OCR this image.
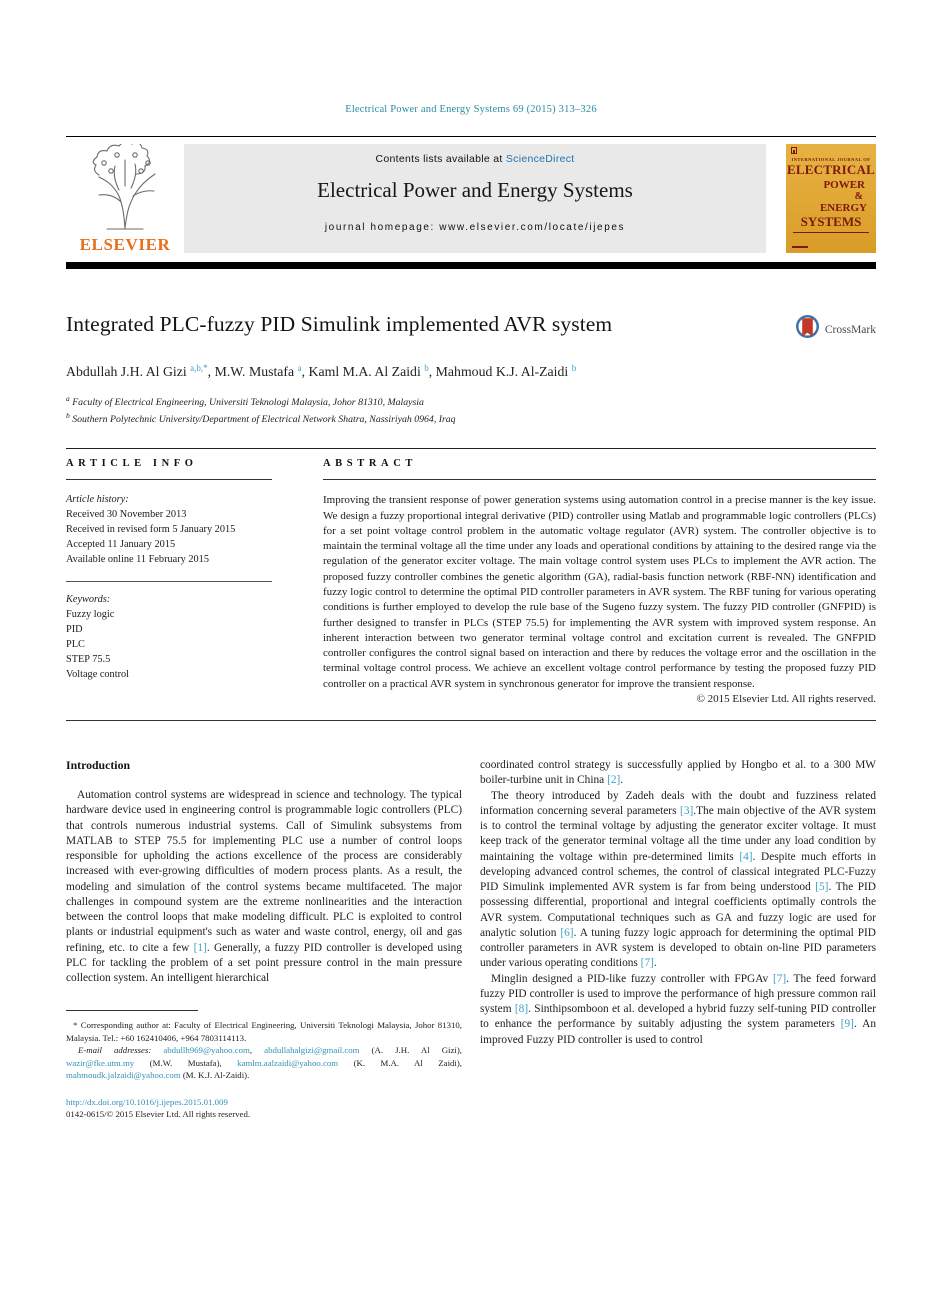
Electrical Power and Energy Systems 69 (2015) 313–326
ELSEVIER
Contents lists available at ScienceDirect
Electrical Power and Energy Systems
journal homepage: www.elsevier.com/locate/ijepes
INTERNATIONAL JOURNAL OF
ELECTRICAL
POWER
&
ENERGY
SYSTEMS
Integrated PLC-fuzzy PID Simulink implemented AVR system	CrossMark
Abdullah J.H. Al Gizi $^{a,b,*}$, M.W. Mustafa $^a$, Kaml M.A. Al Zaidi $^b$, Mahmoud K.J. Al-Zaidi $^b$
$^a$ Faculty of Electrical Engineering, Universiti Teknologi Malaysia, Johor 81310, Malaysia
$^b$ Southern Polytechnic University/Department of Electrical Network Shatra, Nassiriyah 0964, Iraq
ARTICLE INFO
Article history:
Received 30 November 2013
Received in revised form 5 January 2015
Accepted 11 January 2015
Available online 11 February 2015
Keywords:
Fuzzy logic
PID
PLC
STEP 75.5
Voltage control
ABSTRACT
Improving the transient response of power generation systems using automation control in a precise manner is the key issue. We design a fuzzy proportional integral derivative (PID) controller using Matlab and programmable logic controllers (PLCs) for a set point voltage control problem in the automatic voltage regulator (AVR) system. The controller objective is to maintain the terminal voltage all the time under any loads and operational conditions by attaining to the desired range via the regulation of the generator exciter voltage. The main voltage control system uses PLCs to implement the AVR action. The proposed fuzzy controller combines the genetic algorithm (GA), radial-basis function network (RBF-NN) identification and fuzzy logic control to determine the optimal PID controller parameters in AVR system. The RBF tuning for various operating conditions is further employed to develop the rule base of the Sugeno fuzzy system. The fuzzy PID controller (GNFPID) is further designed to transfer in PLCs (STEP 75.5) for implementing the AVR system with improved system response. An inherent interaction between two generator terminal voltage control and excitation current is revealed. The GNFPID controller configures the control signal based on interaction and there by reduces the voltage error and the oscillation in the terminal voltage control process. We achieve an excellent voltage control performance by testing the proposed fuzzy PID controller on a practical AVR system in synchronous generator for improve the transient response.
© 2015 Elsevier Ltd. All rights reserved.
Introduction

Automation control systems are widespread in science and technology. The typical hardware device used in engineering control is programmable logic controllers (PLC) that controls numerous industrial systems. Call of Simulink subsystems from MATLAB to STEP 75.5 for implementing PLC use a number of control loops responsible for upholding the actions excellence of the process are considerably increased with ever-growing difficulties of modern process plants. As a result, the modeling and simulation of the control systems became multifaceted. The major challenges in compound system are the extreme nonlinearities and the interaction between the control loops that make modeling difficult. PLC is exploited to control plants or industrial equipment's such as water and waste control, energy, oil and gas refining, etc. to cite a few [1]. Generally, a fuzzy PID controller is developed using PLC for tackling the problem of a set point pressure control in the main pressure collection system. An intelligent hierarchical

* Corresponding author at: Faculty of Electrical Engineering, Universiti Teknologi Malaysia, Johor 81310, Malaysia. Tel.: +60 162410406, +964 7803114113.

E-mail addresses: abdullh969@yahoo.com, abdullahalgizi@gmail.com (A. J.H. Al Gizi), wazir@fke.utm.my (M.W. Mustafa), kamlm.aalzaidi@yahoo.com (K. M.A. Al Zaidi), mahmoudk.jalzaidi@yahoo.com (M. K.J. Al-Zaidi).

http://dx.doi.org/10.1016/j.ijepes.2015.01.009

0142-0615/© 2015 Elsevier Ltd. All rights reserved.

coordinated control strategy is successfully applied by Hongbo et al. to a 300 MW boiler-turbine unit in China [2].

The theory introduced by Zadeh deals with the doubt and fuzziness related information concerning several parameters [3].The main objective of the AVR system is to control the terminal voltage by adjusting the generator exciter voltage. It must keep track of the generator terminal voltage all the time under any load condition by maintaining the voltage within pre-determined limits [4]. Despite much efforts in developing advanced control schemes, the control of classical integrated PLC-Fuzzy PID Simulink implemented AVR system is far from being understood [5]. The PID possessing differential, proportional and integral coefficients optimally controls the AVR system. Computational techniques such as GA and fuzzy logic are used for analytic solution [6]. A tuning fuzzy logic approach for determining the optimal PID controller parameters in AVR system is developed to obtain on-line PID parameters under various operating conditions [7].

Minglin designed a PID-like fuzzy controller with FPGAv [7]. The feed forward fuzzy PID controller is used to improve the performance of high pressure common rail system [8]. Sinthipsomboon et al. developed a hybrid fuzzy self-tuning PID controller to enhance the performance by suitably adjusting the system parameters [9]. An improved Fuzzy PID controller is used to control
